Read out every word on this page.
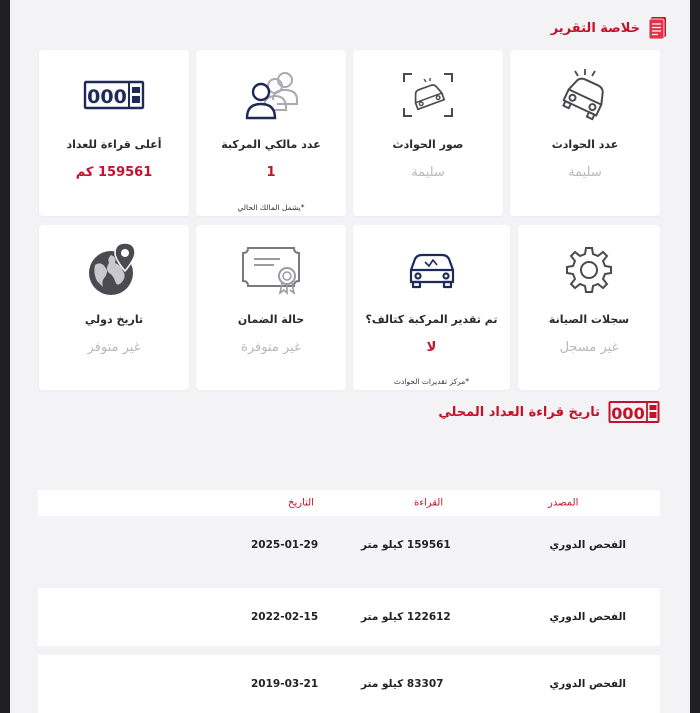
خلاصة التقرير
عدد الحوادث
سليمة
صور الحوادث
سليمة
عدد مالكي المركبة
1
*يشمل المالك الحالي
000
أعلى قراءة للعداد
159561 كم
سجلات الصيانة
غير مسجل
تم تقدير المركبة كتالف؟
لا
*مركز تقديرات الحوادث
حالة الضمان
غير متوفرة
تاريخ دولي
غير متوفر
000
تاريخ قراءة العداد المحلي
المصدر
القراءة
التاريخ
الفحص الدوري
159561 كيلو متر
2025-01-29
الفحص الدوري
122612 كيلو متر
2022-02-15
الفحص الدوري
83307 كيلو متر
2019-03-21
